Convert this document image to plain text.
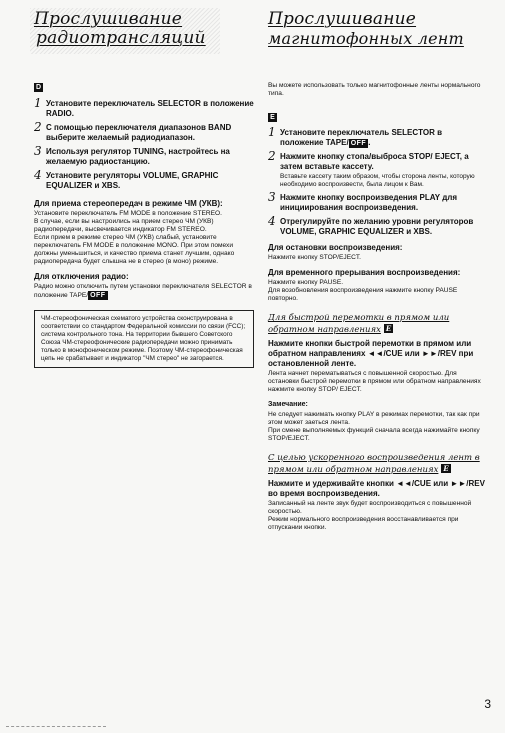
Прослушивание
радиотрансляций
D
1 Установите переключатель SELECTOR в положение RADIO.
2 С помощью переключателя диапазонов BAND выберите желаемый радиодиапазон.
3 Используя регулятор TUNING, настройтесь на желаемую радиостанцию.
4 Установите регуляторы VOLUME, GRAPHIC EQUALIZER и XBS.
Для приема стереопередач в режиме ЧМ (УКВ):
Установите переключатель FM MODE в положение STEREO.
В случае, если вы настроились на прием стерео ЧМ (УКВ) радиопередачи, высвечивается индикатор FM STEREO.
Если прием в режиме стерео ЧМ (УКВ) слабый, установите переключатель FM MODE в положение MONO. При этом помехи должны уменьшиться, и качество приема станет лучшим, однако радиопередача будет слышна не в стерео (в моно) режиме.
Для отключения радио:
Радио можно отключить путем установки переключателя SELECTOR в положение TAPE/ OFF
ЧМ-стереофоническая схематого устройства сконструирована в соответствии со стандартом Федеральной комиссии по связи (FCC); система контрольного тона. На территории бывшего Советского Союза ЧМ-стереофонические радиопередачи можно принимать только в монофоническом режиме. Поэтому ЧМ-стереофоническая цепь не срабатывает и индикатор "ЧМ стерео" не загорается.
Прослушивание
магнитофонных лент
Вы можете использовать только магнитофонные ленты нормального типа.
E
1 Установите переключатель SELECTOR в положение TAPE/ OFF .
2 Нажмите кнопку стопа/выброса STOP/ EJECT, а затем вставьте кассету.
Вставьте кассету таким образом, чтобы сторона ленты, которую необходимо воспроизвести, была лицом к Вам.
3 Нажмите кнопку воспроизведения PLAY для инициирования воспроизведения.
4 Отрегулируйте по желанию уровни регуляторов VOLUME, GRAPHIC EQUALIZER и XBS.
Для остановки воспроизведения:
Нажмите кнопку STOP/EJECT.
Для временного прерывания воспроизведения:
Нажмите кнопку PAUSE.
Для возобновления воспроизведения нажмите кнопку PAUSE повторно.
Для быстрой перемотки в прямом или обратном направлениях E
Нажмите кнопки быстрой перемотки в прямом или обратном направлениях ◄◄/CUE или ►►/REV при остановленной ленте.
Лента начнет перематываться с повышенной скоростью. Для остановки быстрой перемотки в прямом или обратном направлениях нажмите кнопку STOP/ EJECT.
Замечание:
Не следует нажимать кнопку PLAY в режимах перемотки, так как при этом может заеться лента.
При смене выполняемых функций сначала всегда нажимайте кнопку STOP/EJECT.
С целью ускоренного воспроизведения лент в прямом или обратном направлениях E
Нажмите и удерживайте кнопки ◄◄/CUE или ►►/REV во время воспроизведения.
Записанный на ленте звук будет воспроизводиться с повышенной скоростью.
Режим нормального воспроизведения восстанавливается при отпускании кнопки.
3
